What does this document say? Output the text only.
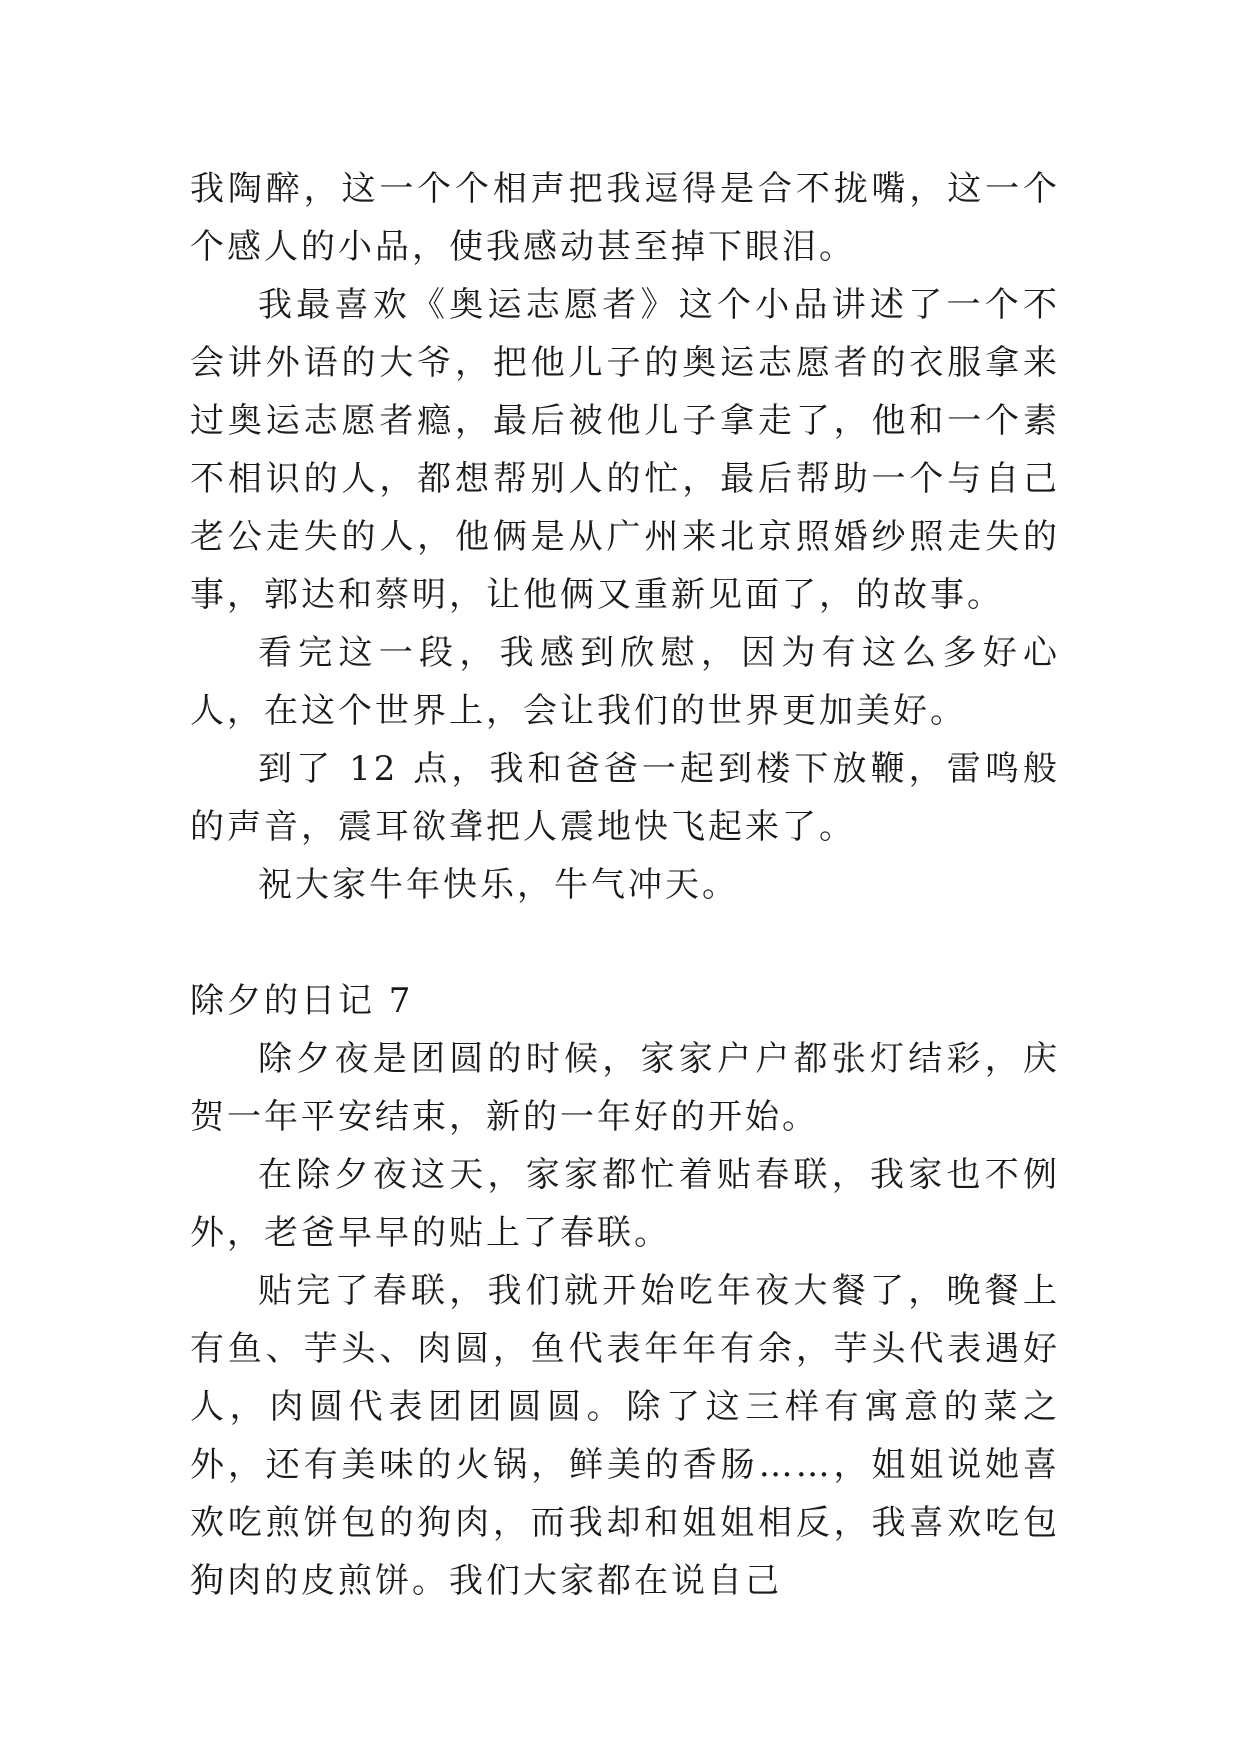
我陶醉，这一个个相声把我逗得是合不拢嘴，这一个个感人的小品，使我感动甚至掉下眼泪。

我最喜欢《奥运志愿者》这个小品讲述了一个不会讲外语的大爷，把他儿子的奥运志愿者的衣服拿来过奥运志愿者瘾，最后被他儿子拿走了，他和一个素不相识的人，都想帮别人的忙，最后帮助一个与自己老公走失的人，他俩是从广州来北京照婚纱照走失的事，郭达和蔡明，让他俩又重新见面了，的故事。

看完这一段，我感到欣慰，因为有这么多好心人，在这个世界上，会让我们的世界更加美好。

到了 12 点，我和爸爸一起到楼下放鞭，雷鸣般的声音，震耳欲聋把人震地快飞起来了。

祝大家牛年快乐，牛气冲天。

除夕的日记 7

除夕夜是团圆的时候，家家户户都张灯结彩，庆贺一年平安结束，新的一年好的开始。

在除夕夜这天，家家都忙着贴春联，我家也不例外，老爸早早的贴上了春联。

贴完了春联，我们就开始吃年夜大餐了，晚餐上有鱼、芋头、肉圆，鱼代表年年有余，芋头代表遇好人，肉圆代表团团圆圆。除了这三样有寓意的菜之外，还有美味的火锅，鲜美的香肠……，姐姐说她喜欢吃煎饼包的狗肉，而我却和姐姐相反，我喜欢吃包狗肉的皮煎饼。我们大家都在说自己
